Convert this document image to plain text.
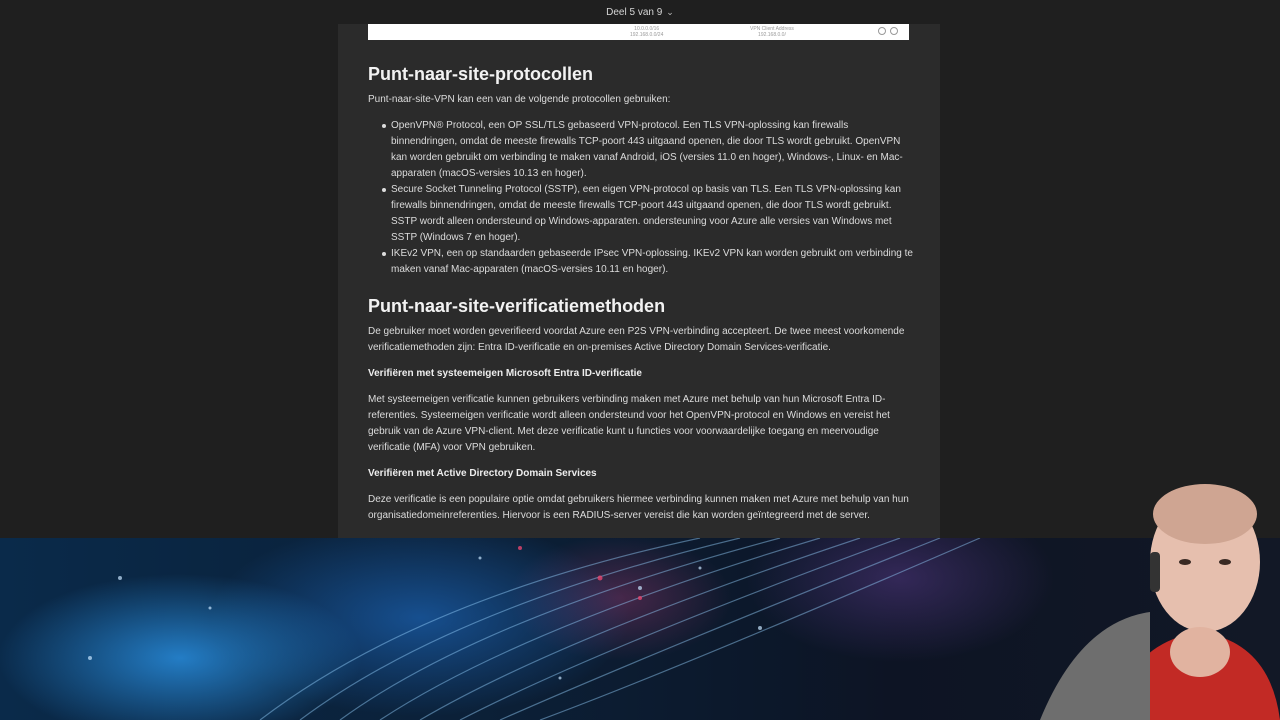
Deel 5 van 9 ⌄
10.0.0.0/16
192.168.0.0/24
VPN Client Address
192.168.0.0/
Punt-naar-site-protocollen

Punt-naar-site-VPN kan een van de volgende protocollen gebruiken:

OpenVPN® Protocol, een OP SSL/TLS gebaseerd VPN-protocol. Een TLS VPN-oplossing kan firewalls binnendringen, omdat de meeste firewalls TCP-poort 443 uitgaand openen, die door TLS wordt gebruikt. OpenVPN kan worden gebruikt om verbinding te maken vanaf Android, iOS (versies 11.0 en hoger), Windows-, Linux- en Mac-apparaten (macOS-versies 10.13 en hoger).
Secure Socket Tunneling Protocol (SSTP), een eigen VPN-protocol op basis van TLS. Een TLS VPN-oplossing kan firewalls binnendringen, omdat de meeste firewalls TCP-poort 443 uitgaand openen, die door TLS wordt gebruikt. SSTP wordt alleen ondersteund op Windows-apparaten. ondersteuning voor Azure alle versies van Windows met SSTP (Windows 7 en hoger).
IKEv2 VPN, een op standaarden gebaseerde IPsec VPN-oplossing. IKEv2 VPN kan worden gebruikt om verbinding te maken vanaf Mac-apparaten (macOS-versies 10.11 en hoger).
Punt-naar-site-verificatiemethoden

De gebruiker moet worden geverifieerd voordat Azure een P2S VPN-verbinding accepteert. De twee meest voorkomende verificatiemethoden zijn: Entra ID-verificatie en on-premises Active Directory Domain Services-verificatie.

Verifiëren met systeemeigen Microsoft Entra ID-verificatie

Met systeemeigen verificatie kunnen gebruikers verbinding maken met Azure met behulp van hun Microsoft Entra ID-referenties. Systeemeigen verificatie wordt alleen ondersteund voor het OpenVPN-protocol en Windows en vereist het gebruik van de Azure VPN-client. Met deze verificatie kunt u functies voor voorwaardelijke toegang en meervoudige verificatie (MFA) voor VPN gebruiken.

Verifiëren met Active Directory Domain Services

Deze verificatie is een populaire optie omdat gebruikers hiermee verbinding kunnen maken met Azure met behulp van hun organisatiedomeinreferenties. Hiervoor is een RADIUS-server vereist die kan worden geïntegreerd met de server.
